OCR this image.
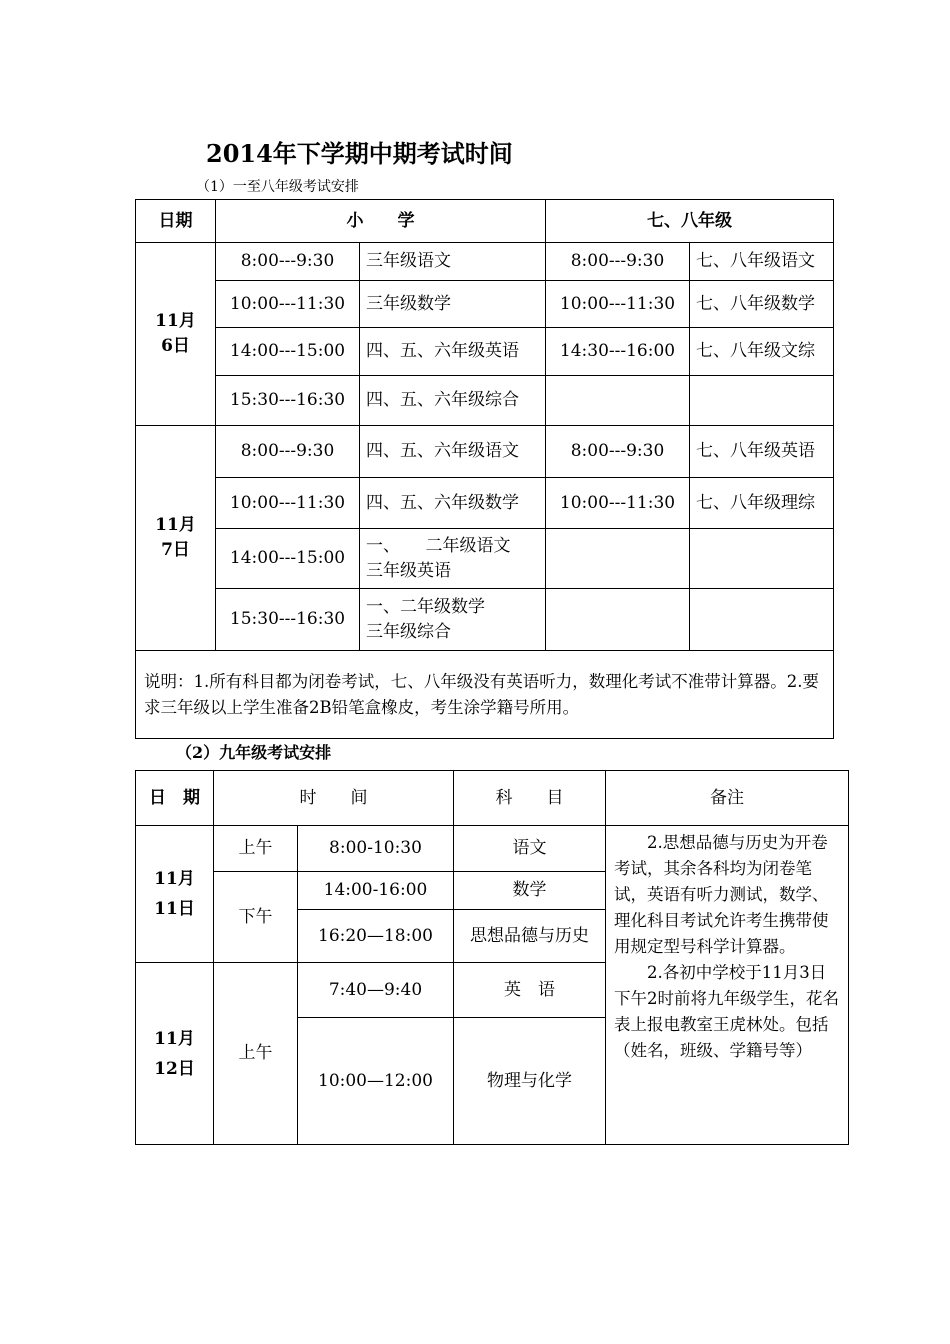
2014年下学期中期考试时间
（1）一至八年级考试安排
日期	小　　学		七、八年级	
11月
6日	8:00---9:30	三年级语文	8:00---9:30	七、八年级语文
	10:00---11:30	三年级数学	10:00---11:30	七、八年级数学
	14:00---15:00	四、五、六年级英语	14:30---16:00	七、八年级文综
	15:30---16:30	四、五、六年级综合		
11月
7日	8:00---9:30	四、五、六年级语文	8:00---9:30	七、八年级英语
	10:00---11:30	四、五、六年级数学	10:00---11:30	七、八年级理综
	14:00---15:00	一、　　二年级语文
三年级英语		
	15:30---16:30	一、二年级数学
三年级综合		
说明：1.所有科目都为闭卷考试，七、八年级没有英语听力，数理化考试不准带计算器。2.要求三年级以上学生准备2B铅笔盒橡皮，考生涂学籍号所用。				
（2）九年级考试安排
日　期	时　　间		科　　目	备注
11月
11日	上午	8:00-10:30	语文	2.思想品德与历史为开卷考试，其余各科均为闭卷笔试，英语有听力测试，数学、理化科目考试允许考生携带使用规定型号科学计算器。
2.各初中学校于11月3日下午2时前将九年级学生，花名表上报电教室王虎林处。包括（姓名，班级、学籍号等）

	下午	14:00-16:00	数学	
		16:20—18:00	思想品德与历史	
11月
12日	上午	7:40—9:40	英　语	
		10:00—12:00	物理与化学	
